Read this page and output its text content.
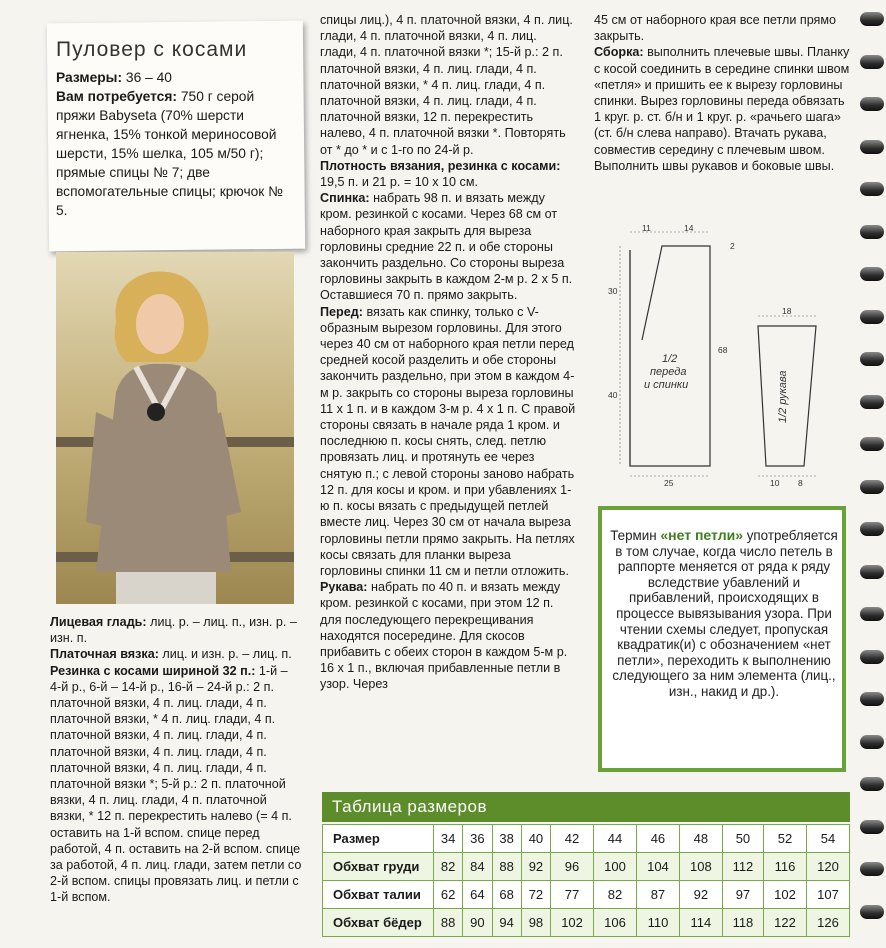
Пуловер с косами
Размеры: 36 – 40
Вам потребуется: 750 г серой пряжи Babyseta (70% шерсти ягненка, 15% тонкой мериносовой шерсти, 15% шелка, 105 м/50 г); прямые спицы № 7; две вспомогательные спицы; крючок № 5.

Лицевая гладь: лиц. р. – лиц. п., изн. р. – изн. п.

Платочная вязка: лиц. и изн. р. – лиц. п.

Резинка с косами шириной 32 п.: 1-й – 4-й р., 6-й – 14-й р., 16-й – 24-й р.: 2 п. платочной вязки, 4 п. лиц. глади, 4 п. платочной вязки, * 4 п. лиц. глади, 4 п. платочной вязки, 4 п. лиц. глади, 4 п. платочной вязки, 4 п. лиц. глади, 4 п. платочной вязки, 4 п. лиц. глади, 4 п. платочной вязки *; 5-й р.: 2 п. платочной вязки, 4 п. лиц. глади, 4 п. платочной вязки, * 12 п. перекрестить налево (= 4 п. оставить на 1-й вспом. спице перед работой, 4 п. оставить на 2-й вспом. спице за работой, 4 п. лиц. глади, затем петли со 2-й вспом. спицы провязать лиц. и петли с 1-й вспом.

спицы лиц.), 4 п. платочной вязки, 4 п. лиц. глади, 4 п. платочной вязки, 4 п. лиц. глади, 4 п. платочной вязки *; 15-й р.: 2 п. платочной вязки, 4 п. лиц. глади, 4 п. платочной вязки, * 4 п. лиц. глади, 4 п. платочной вязки, 4 п. лиц. глади, 4 п. платочной вязки, 12 п. перекрестить налево, 4 п. платочной вязки *. Повторять от * до * и с 1-го по 24-й р.

Плотность вязания, резинка с косами: 19,5 п. и 21 р. = 10 x 10 см.

Спинка: набрать 98 п. и вязать между кром. резинкой с косами. Через 68 см от наборного края закрыть для выреза горловины средние 22 п. и обе стороны закончить раздельно. Со стороны выреза горловины закрыть в каждом 2-м р. 2 x 5 п. Оставшиеся 70 п. прямо закрыть.

Перед: вязать как спинку, только с V-образным вырезом горловины. Для этого через 40 см от наборного края петли перед средней косой разделить и обе стороны закончить раздельно, при этом в каждом 4-м р. закрыть со стороны выреза горловины 11 x 1 п. и в каждом 3-м р. 4 x 1 п. С правой стороны связать в начале ряда 1 кром. и последнюю п. косы снять, след. петлю провязать лиц. и протянуть ее через снятую п.; с левой стороны заново набрать 12 п. для косы и кром. и при убавлениях 1-ю п. косы вязать с предыдущей петлей вместе лиц. Через 30 см от начала выреза горловины петли прямо закрыть. На петлях косы связать для планки выреза горловины спинки 11 см и петли отложить.

Рукава: набрать по 40 п. и вязать между кром. резинкой с косами, при этом 12 п. для последующего перекрещивания находятся посередине. Для скосов прибавить с обеих сторон в каждом 5-м р. 16 x 1 п., включая прибавленные петли в узор. Через

45 см от наборного края все петли прямо закрыть.

Сборка: выполнить плечевые швы. Планку с косой соединить в середине спинки швом «петля» и пришить ее к вырезу горловины спинки. Вырез горловины переда обвязать 1 круг. р. ст. б/н и 1 круг. р. «рачьего шага» (ст. б/н слева направо). Втачать рукава, совместив середину с плечевым швом. Выполнить швы рукавов и боковые швы.

11	14
2
30
68
40
25
1/2
переда
и спинки
18
10 8
1/2 рукава
Термин «нет петли» употребляется в том случае, когда число петель в раппорте меняется от ряда к ряду вследствие убавлений и прибавлений, происходящих в процессе вывязывания узора. При чтении схемы следует, пропуская квадратик(и) с обозначением «нет петли», переходить к выполнению следующего за ним элемента (лиц., изн., накид и др.).
Таблица размеров
Размер	34	36	38	40	42	44	46	48	50	52	54
Обхват груди	82	84	88	92	96	100	104	108	112	116	120
Обхват талии	62	64	68	72	77	82	87	92	97	102	107
Обхват бёдер	88	90	94	98	102	106	110	114	118	122	126
